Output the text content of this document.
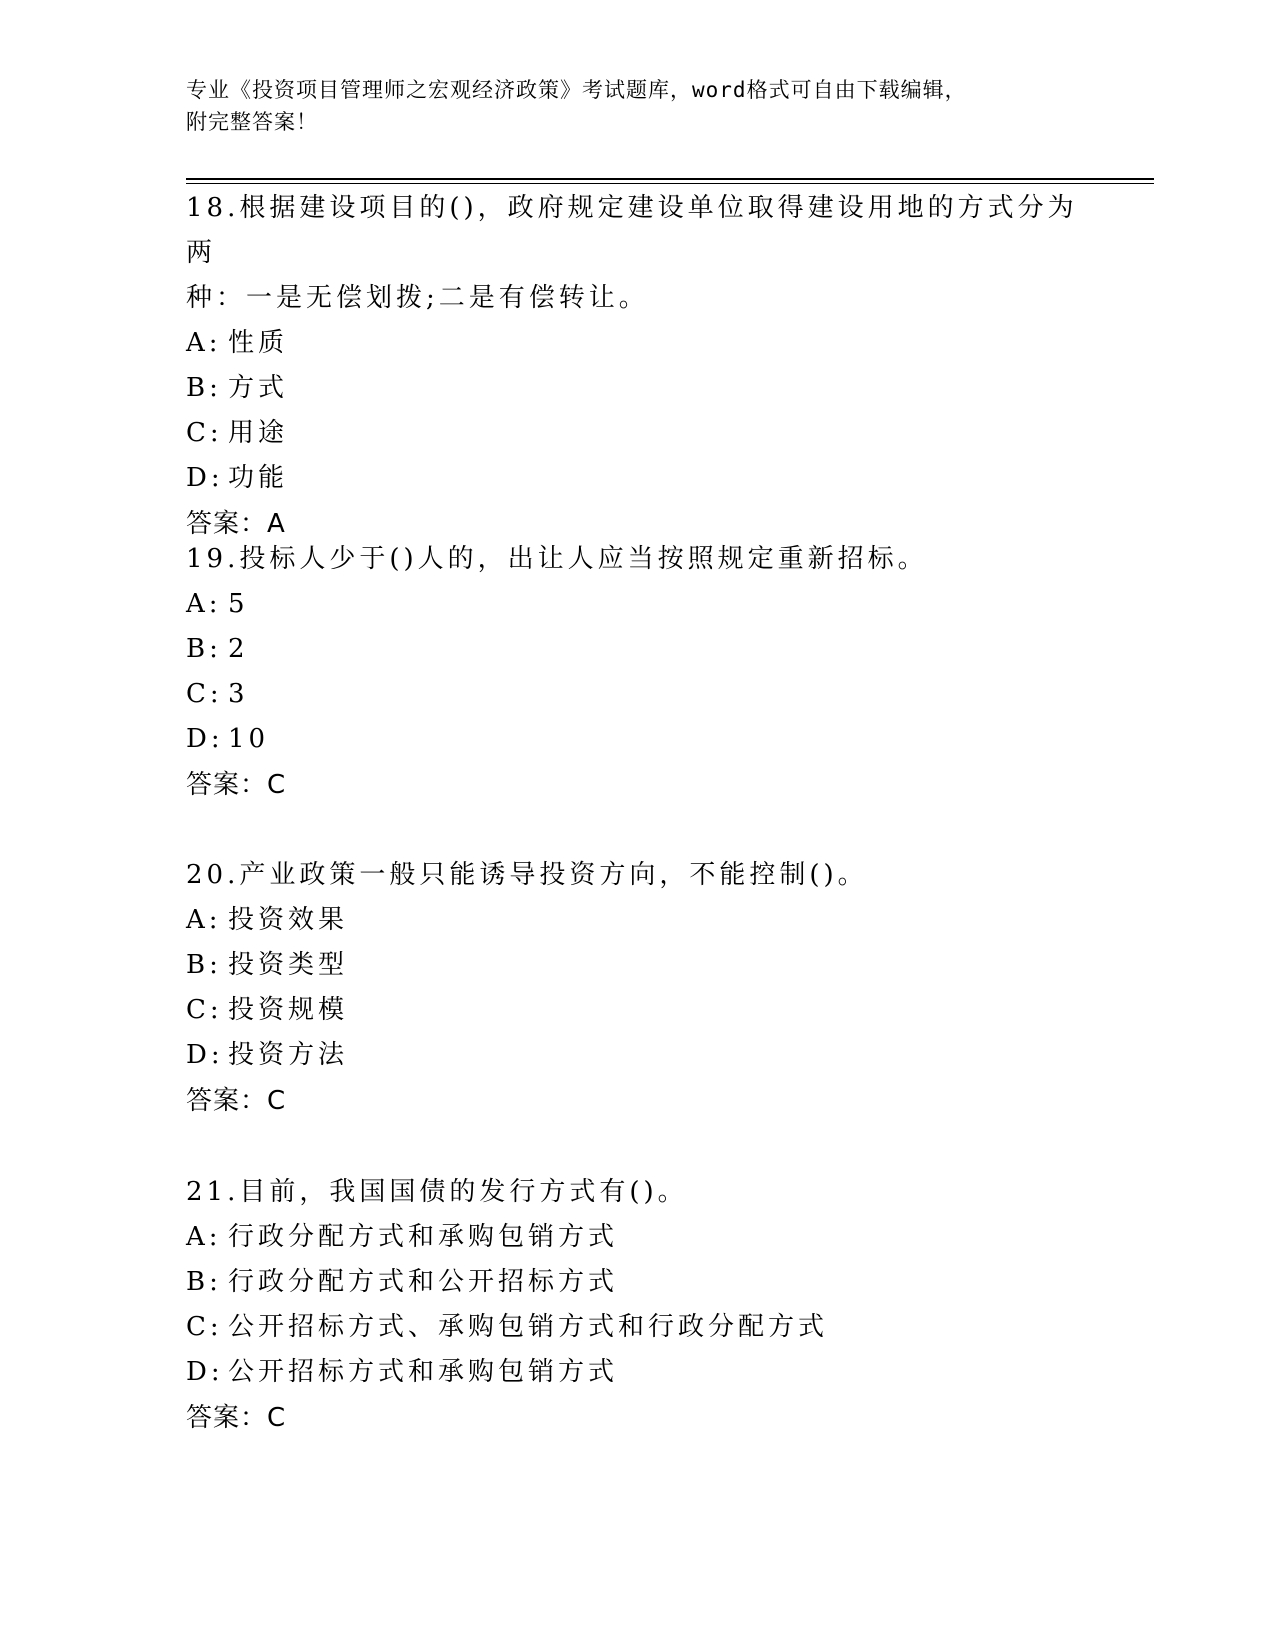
专业《投资项目管理师之宏观经济政策》考试题库，word格式可自由下载编辑，
附完整答案！

18.根据建设项目的()，政府规定建设单位取得建设用地的方式分为两

种：一是无偿划拨;二是有偿转让。

A: 性质

B: 方式

C: 用途

D: 功能

答案：A

19.投标人少于()人的，出让人应当按照规定重新招标。

A: 5

B: 2

C: 3

D: 10

答案：C

20.产业政策一般只能诱导投资方向，不能控制()。

A: 投资效果

B: 投资类型

C: 投资规模

D: 投资方法

答案：C

21.目前，我国国债的发行方式有()。

A: 行政分配方式和承购包销方式

B: 行政分配方式和公开招标方式

C: 公开招标方式、承购包销方式和行政分配方式

D: 公开招标方式和承购包销方式

答案：C
